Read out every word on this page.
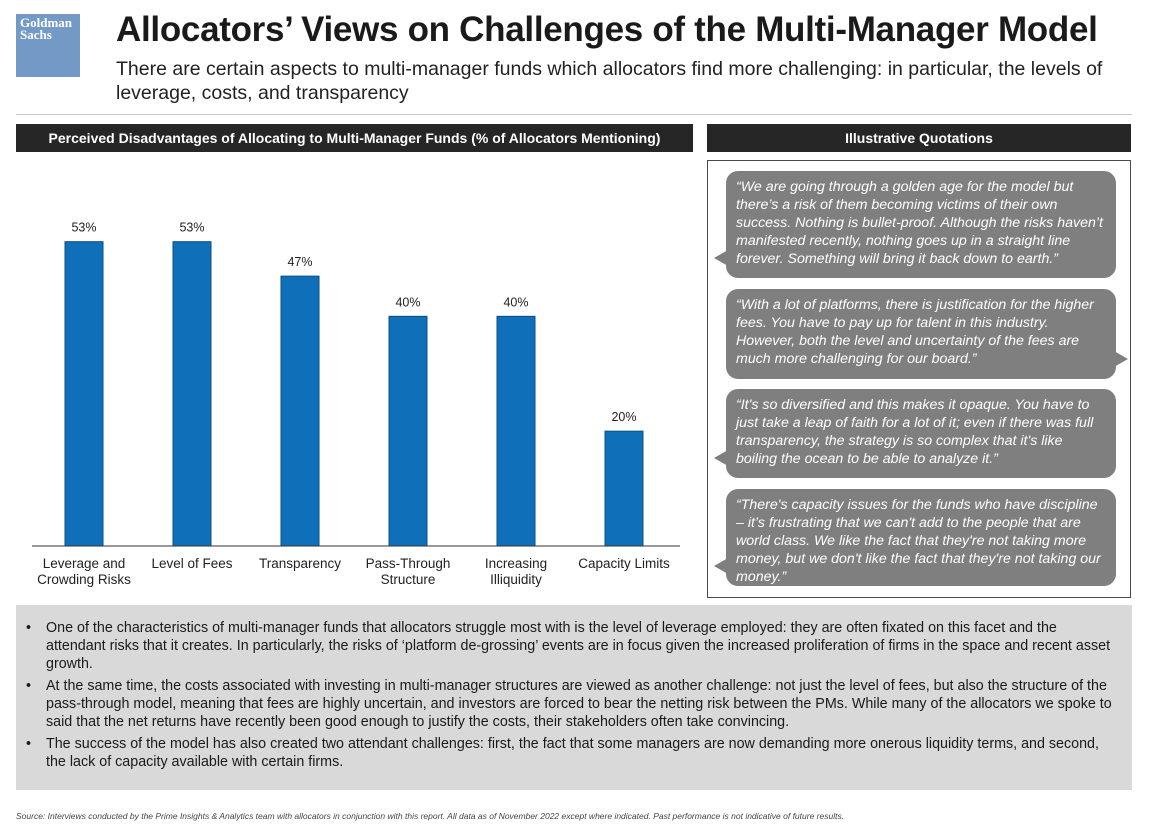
Goldman
Sachs	Allocators’ Views on Challenges of the Multi-Manager Model

There are certain aspects to multi-manager funds which allocators find more challenging: in particular, the levels of leverage, costs, and transparency

Perceived Disadvantages of Allocating to Multi-Manager Funds (% of Allocators Mentioning)	Illustrative Quotations
53%
Leverage and Crowding Risks
53%
Level of Fees
47%
Transparency
40%
Pass-Through Structure
40%
Increasing Illiquidity
20%
Capacity Limits
“We are going through a golden age for the model but there’s a risk of them becoming victims of their own success. Nothing is bullet-proof. Although the risks haven’t manifested recently, nothing goes up in a straight line forever. Something will bring it back down to earth.”
“With a lot of platforms, there is justification for the higher fees. You have to pay up for talent in this industry. However, both the level and uncertainty of the fees are much more challenging for our board.”
“It's so diversified and this makes it opaque. You have to just take a leap of faith for a lot of it; even if there was full transparency, the strategy is so complex that it's like boiling the ocean to be able to analyze it.”
“There's capacity issues for the funds who have discipline – it’s frustrating that we can't add to the people that are world class. We like the fact that they're not taking more money, but we don't like the fact that they're not taking our money.”
• One of the characteristics of multi-manager funds that allocators struggle most with is the level of leverage employed: they are often fixated on this facet and the attendant risks that it creates. In particularly, the risks of ‘platform de-grossing’ events are in focus given the increased proliferation of firms in the space and recent asset growth.
• At the same time, the costs associated with investing in multi-manager structures are viewed as another challenge: not just the level of fees, but also the structure of the pass-through model, meaning that fees are highly uncertain, and investors are forced to bear the netting risk between the PMs. While many of the allocators we spoke to said that the net returns have recently been good enough to justify the costs, their stakeholders often take convincing.
• The success of the model has also created two attendant challenges: first, the fact that some managers are now demanding more onerous liquidity terms, and second, the lack of capacity available with certain firms.
Source: Interviews conducted by the Prime Insights & Analytics team with allocators in conjunction with this report. All data as of November 2022 except where indicated. Past performance is not indicative of future results.
